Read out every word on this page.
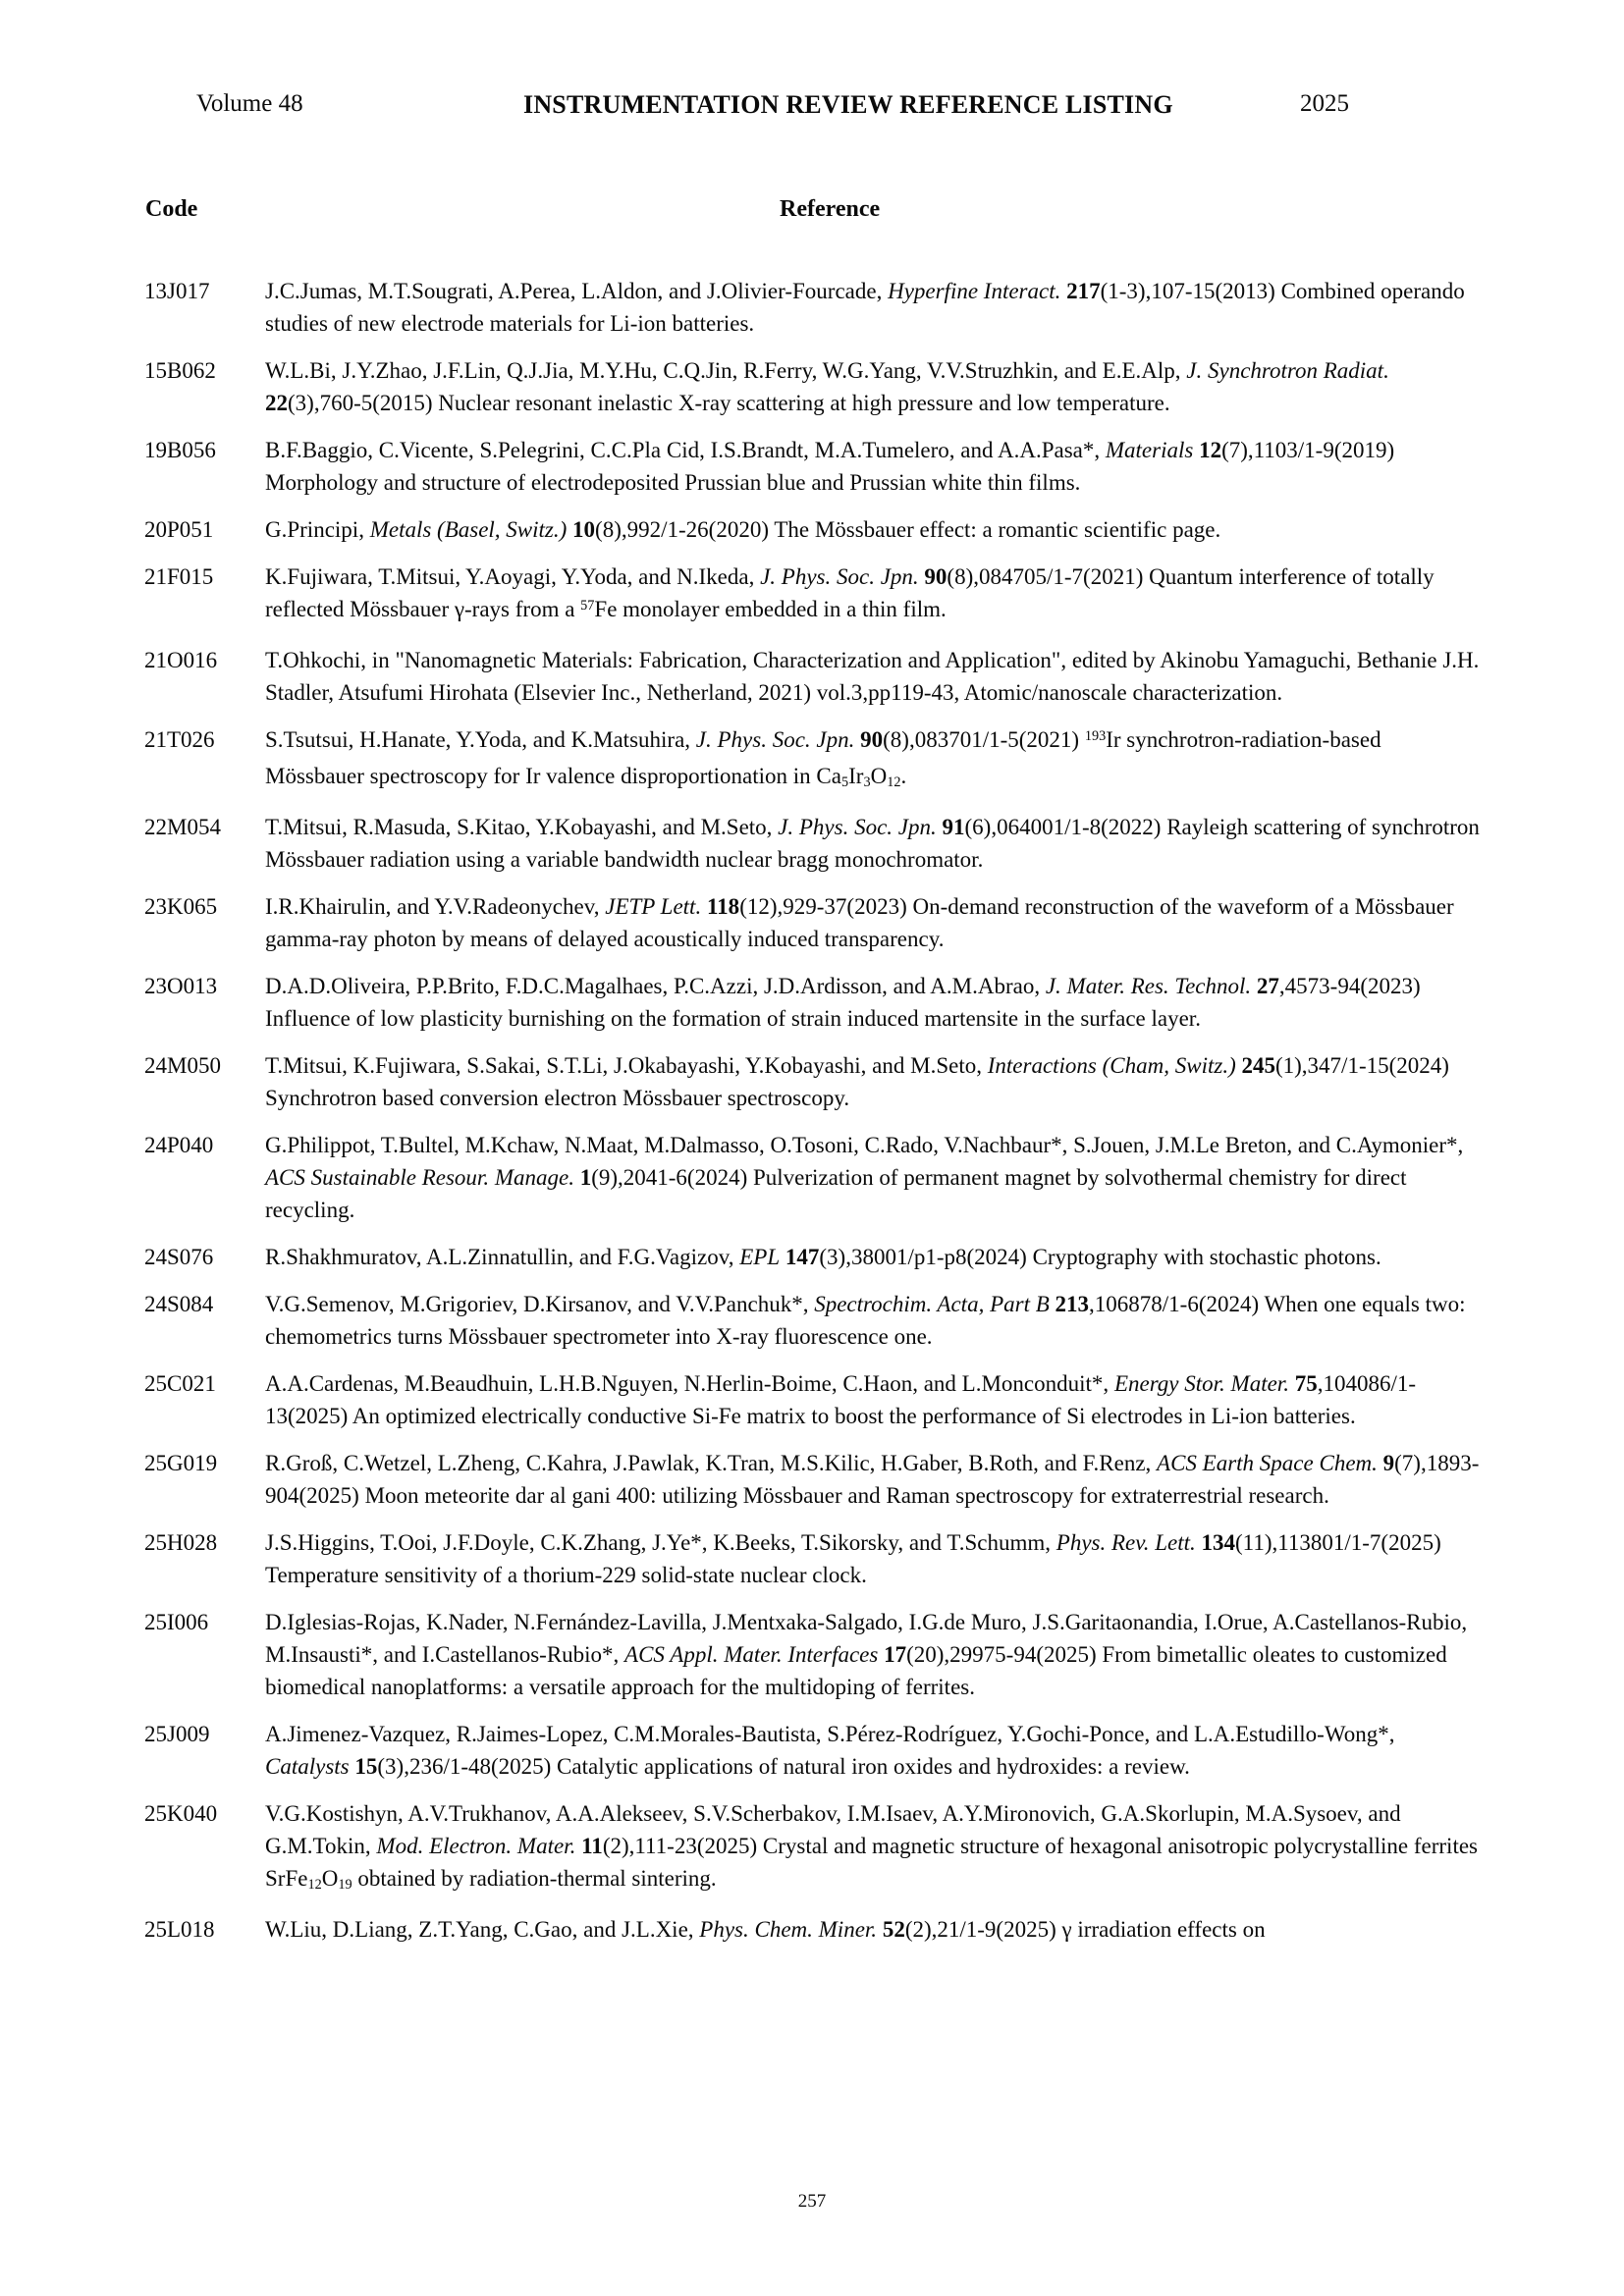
Volume 48	INSTRUMENTATION REVIEW REFERENCE LISTING	2025
Code	Reference
13J017	J.C.Jumas, M.T.Sougrati, A.Perea, L.Aldon, and J.Olivier-Fourcade, Hyperfine Interact. 217(1-3),107-15(2013) Combined operando studies of new electrode materials for Li-ion batteries.
15B062	W.L.Bi, J.Y.Zhao, J.F.Lin, Q.J.Jia, M.Y.Hu, C.Q.Jin, R.Ferry, W.G.Yang, V.V.Struzhkin, and E.E.Alp, J. Synchrotron Radiat. 22(3),760-5(2015) Nuclear resonant inelastic X-ray scattering at high pressure and low temperature.
19B056	B.F.Baggio, C.Vicente, S.Pelegrini, C.C.Pla Cid, I.S.Brandt, M.A.Tumelero, and A.A.Pasa*, Materials 12(7),1103/1-9(2019) Morphology and structure of electrodeposited Prussian blue and Prussian white thin films.
20P051	G.Principi, Metals (Basel, Switz.) 10(8),992/1-26(2020) The Mössbauer effect: a romantic scientific page.
21F015	K.Fujiwara, T.Mitsui, Y.Aoyagi, Y.Yoda, and N.Ikeda, J. Phys. Soc. Jpn. 90(8),084705/1-7(2021) Quantum interference of totally reflected Mössbauer γ-rays from a $^{57}$Fe monolayer embedded in a thin film.
21O016	T.Ohkochi, in "Nanomagnetic Materials: Fabrication, Characterization and Application", edited by Akinobu Yamaguchi, Bethanie J.H. Stadler, Atsufumi Hirohata (Elsevier Inc., Netherland, 2021) vol.3,pp119-43, Atomic/nanoscale characterization.
21T026	S.Tsutsui, H.Hanate, Y.Yoda, and K.Matsuhira, J. Phys. Soc. Jpn. 90(8),083701/1-5(2021) $^{193}$Ir synchrotron-radiation-based Mössbauer spectroscopy for Ir valence disproportionation in Ca5Ir3O12.
22M054	T.Mitsui, R.Masuda, S.Kitao, Y.Kobayashi, and M.Seto, J. Phys. Soc. Jpn. 91(6),064001/1-8(2022) Rayleigh scattering of synchrotron Mössbauer radiation using a variable bandwidth nuclear bragg monochromator.
23K065	I.R.Khairulin, and Y.V.Radeonychev, JETP Lett. 118(12),929-37(2023) On-demand reconstruction of the waveform of a Mössbauer gamma-ray photon by means of delayed acoustically induced transparency.
23O013	D.A.D.Oliveira, P.P.Brito, F.D.C.Magalhaes, P.C.Azzi, J.D.Ardisson, and A.M.Abrao, J. Mater. Res. Technol. 27,4573-94(2023) Influence of low plasticity burnishing on the formation of strain induced martensite in the surface layer.
24M050	T.Mitsui, K.Fujiwara, S.Sakai, S.T.Li, J.Okabayashi, Y.Kobayashi, and M.Seto, Interactions (Cham, Switz.) 245(1),347/1-15(2024) Synchrotron based conversion electron Mössbauer spectroscopy.
24P040	G.Philippot, T.Bultel, M.Kchaw, N.Maat, M.Dalmasso, O.Tosoni, C.Rado, V.Nachbaur*, S.Jouen, J.M.Le Breton, and C.Aymonier*, ACS Sustainable Resour. Manage. 1(9),2041-6(2024) Pulverization of permanent magnet by solvothermal chemistry for direct recycling.
24S076	R.Shakhmuratov, A.L.Zinnatullin, and F.G.Vagizov, EPL 147(3),38001/p1-p8(2024) Cryptography with stochastic photons.
24S084	V.G.Semenov, M.Grigoriev, D.Kirsanov, and V.V.Panchuk*, Spectrochim. Acta, Part B 213,106878/1-6(2024) When one equals two: chemometrics turns Mössbauer spectrometer into X-ray fluorescence one.
25C021	A.A.Cardenas, M.Beaudhuin, L.H.B.Nguyen, N.Herlin-Boime, C.Haon, and L.Monconduit*, Energy Stor. Mater. 75,104086/1-13(2025) An optimized electrically conductive Si-Fe matrix to boost the performance of Si electrodes in Li-ion batteries.
25G019	R.Groß, C.Wetzel, L.Zheng, C.Kahra, J.Pawlak, K.Tran, M.S.Kilic, H.Gaber, B.Roth, and F.Renz, ACS Earth Space Chem. 9(7),1893-904(2025) Moon meteorite dar al gani 400: utilizing Mössbauer and Raman spectroscopy for extraterrestrial research.
25H028	J.S.Higgins, T.Ooi, J.F.Doyle, C.K.Zhang, J.Ye*, K.Beeks, T.Sikorsky, and T.Schumm, Phys. Rev. Lett. 134(11),113801/1-7(2025) Temperature sensitivity of a thorium-229 solid-state nuclear clock.
25I006	D.Iglesias-Rojas, K.Nader, N.Fernández-Lavilla, J.Mentxaka-Salgado, I.G.de Muro, J.S.Garitaonandia, I.Orue, A.Castellanos-Rubio, M.Insausti*, and I.Castellanos-Rubio*, ACS Appl. Mater. Interfaces 17(20),29975-94(2025) From bimetallic oleates to customized biomedical nanoplatforms: a versatile approach for the multidoping of ferrites.
25J009	A.Jimenez-Vazquez, R.Jaimes-Lopez, C.M.Morales-Bautista, S.Pérez-Rodríguez, Y.Gochi-Ponce, and L.A.Estudillo-Wong*, Catalysts 15(3),236/1-48(2025) Catalytic applications of natural iron oxides and hydroxides: a review.
25K040	V.G.Kostishyn, A.V.Trukhanov, A.A.Alekseev, S.V.Scherbakov, I.M.Isaev, A.Y.Mironovich, G.A.Skorlupin, M.A.Sysoev, and G.M.Tokin, Mod. Electron. Mater. 11(2),111-23(2025) Crystal and magnetic structure of hexagonal anisotropic polycrystalline ferrites SrFe12O19 obtained by radiation-thermal sintering.
25L018	W.Liu, D.Liang, Z.T.Yang, C.Gao, and J.L.Xie, Phys. Chem. Miner. 52(2),21/1-9(2025) γ irradiation effects on
257
